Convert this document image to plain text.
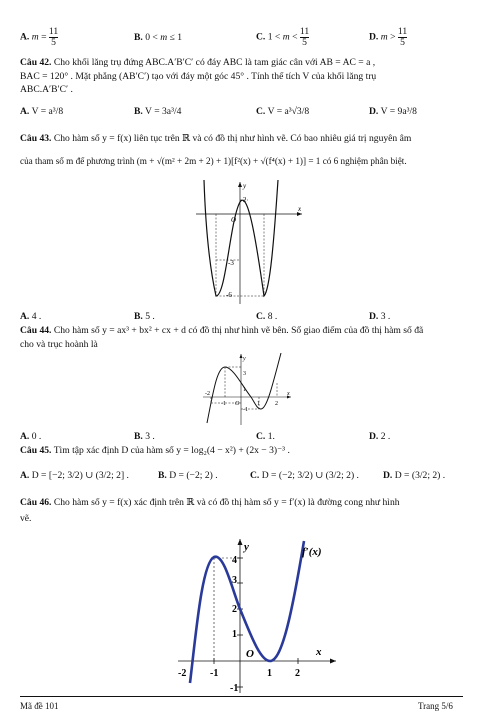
A. $m = \frac{11}{5}$	B. 0 < m ≤ 1	C. $1 < m < \frac{11}{5}$	D. $m > \frac{11}{5}$
Câu 42. Cho khối lăng trụ đứng ABC.A′B′C′ có đáy ABC là tam giác cân với AB = AC = a ,
BAC = 120° . Mặt phẳng (AB′C′) tạo với đáy một góc 45° . Tính thể tích V của khối lăng trụ
ABC.A′B′C′ .
A. V = a³/8	B. V = 3a³/4	C. V = a³√3/8	D. V = 9a³/8
Câu 43. Cho hàm số y = f(x) liên tục trên ℝ và có đồ thị như hình vẽ. Có bao nhiêu giá trị nguyên âm
của tham số m để phương trình (m + √(m² + 2m + 2) + 1)[f²(x) + √(f⁴(x) + 1)] = 1 có 6 nghiệm phân biệt.
y
x
O
2
-3
-6
A. 4 .	B. 5 .	C. 8 .	D. 3 .
Câu 44. Cho hàm số y = ax³ + bx² + cx + d có đồ thị như hình vẽ bên. Số giao điểm của đồ thị hàm số đã
cho và trục hoành là
y
x
O
3
1
-1
-2
-1	1	2
A. 0 .	B. 3 .	C. 1.	D. 2 .
Câu 45. Tìm tập xác định D của hàm số y = log₂(4 − x²) + (2x − 3)⁻³ .
A. D = [−2; 3/2) ∪ (3/2; 2] .	B. D = (−2; 2) .	C. D = (−2; 3/2) ∪ (3/2; 2) .	D. D = (3/2; 2) .
Câu 46. Cho hàm số y = f(x) xác định trên ℝ và có đồ thị hàm số y = f′(x) là đường cong như hình
vẽ.
y
x
O
4
3
2
1
-1
-2 -1	1 2
f′(x)
Mã đề 101	Trang 5/6
